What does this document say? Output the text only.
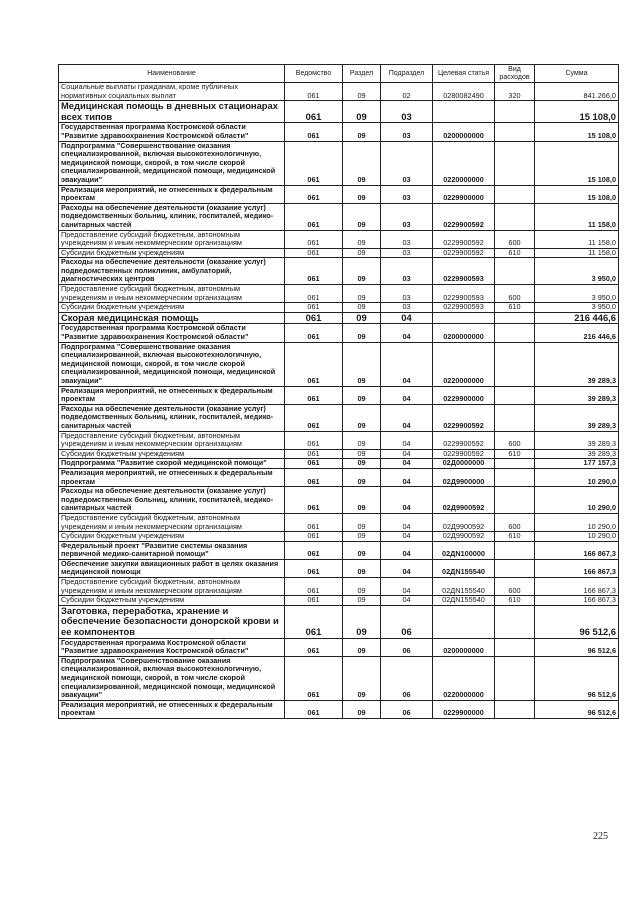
Наименование	Ведомство	Раздел	Подраздел	Целевая статья	Вид расходов	Сумма
Социальные выплаты гражданам, кроме публичных нормативных социальных выплат	061	09	02	0280082490	320	841 266,0
Медицинская помощь в дневных стационарах всех типов	061	09	03			15 108,0
Государственная программа Костромской области "Развитие здравоохранения Костромской области"	061	09	03	0200000000		15 108,0
Подпрограмма "Совершенствование оказания специализированной, включая высокотехнологичную, медицинской помощи, скорой, в том числе скорой специализированной, медицинской помощи, медицинской эвакуации"	061	09	03	0220000000		15 108,0
Реализация мероприятий, не отнесенных к федеральным проектам	061	09	03	0229900000		15 108,0
Расходы на обеспечение деятельности (оказание услуг) подведомственных больниц, клиник, госпиталей, медико-санитарных частей	061	09	03	0229900592		11 158,0
Предоставление субсидий бюджетным, автономным учреждениям и иным некоммерческим организациям	061	09	03	0229900592	600	11 158,0
Субсидии бюджетным учреждениям	061	09	03	0229900592	610	11 158,0
Расходы на обеспечение деятельности (оказание услуг) подведомственных поликлиник, амбулаторий, диагностических центров	061	09	03	0229900593		3 950,0
Предоставление субсидий бюджетным, автономным учреждениям и иным некоммерческим организациям	061	09	03	0229900593	600	3 950,0
Субсидии бюджетным учреждениям	061	09	03	0229900593	610	3 950,0
Скорая медицинская помощь	061	09	04			216 446,6
Государственная программа Костромской области "Развитие здравоохранения Костромской области"	061	09	04	0200000000		216 446,6
Подпрограмма "Совершенствование оказания специализированной, включая высокотехнологичную, медицинской помощи, скорой, в том числе скорой специализированной, медицинской помощи, медицинской эвакуации"	061	09	04	0220000000		39 289,3
Реализация мероприятий, не отнесенных к федеральным проектам	061	09	04	0229900000		39 289,3
Расходы на обеспечение деятельности (оказание услуг) подведомственных больниц, клиник, госпиталей, медико-санитарных частей	061	09	04	0229900592		39 289,3
Предоставление субсидий бюджетным, автономным учреждениям и иным некоммерческим организациям	061	09	04	0229900592	600	39 289,3
Субсидии бюджетным учреждениям	061	09	04	0229900592	610	39 289,3
Подпрограмма "Развитие скорой медицинской помощи"	061	09	04	02Д0000000		177 157,3
Реализация мероприятий, не отнесенных к федеральным проектам	061	09	04	02Д9900000		10 290,0
Расходы на обеспечение деятельности (оказание услуг) подведомственных больниц, клиник, госпиталей, медико-санитарных частей	061	09	04	02Д9900592		10 290,0
Предоставление субсидий бюджетным, автономным учреждениям и иным некоммерческим организациям	061	09	04	02Д9900592	600	10 290,0
Субсидии бюджетным учреждениям	061	09	04	02Д9900592	610	10 290,0
Федеральный проект "Развитие системы оказания первичной медико-санитарной помощи"	061	09	04	02ДN100000		166 867,3
Обеспечение закупки авиационных работ в целях оказания медицинской помощи	061	09	04	02ДN155540		166 867,3
Предоставление субсидий бюджетным, автономным учреждениям и иным некоммерческим организациям	061	09	04	02ДN155540	600	166 867,3
Субсидии бюджетным учреждениям	061	09	04	02ДN155540	610	166 867,3
Заготовка, переработка, хранение и обеспечение безопасности донорской крови и ее компонентов	061	09	06			96 512,6
Государственная программа Костромской области "Развитие здравоохранения Костромской области"	061	09	06	0200000000		96 512,6
Подпрограмма "Совершенствование оказания специализированной, включая высокотехнологичную, медицинской помощи, скорой, в том числе скорой специализированной, медицинской помощи, медицинской эвакуации"	061	09	06	0220000000		96 512,6
Реализация мероприятий, не отнесенных к федеральным проектам	061	09	06	0229900000		96 512,6
225
